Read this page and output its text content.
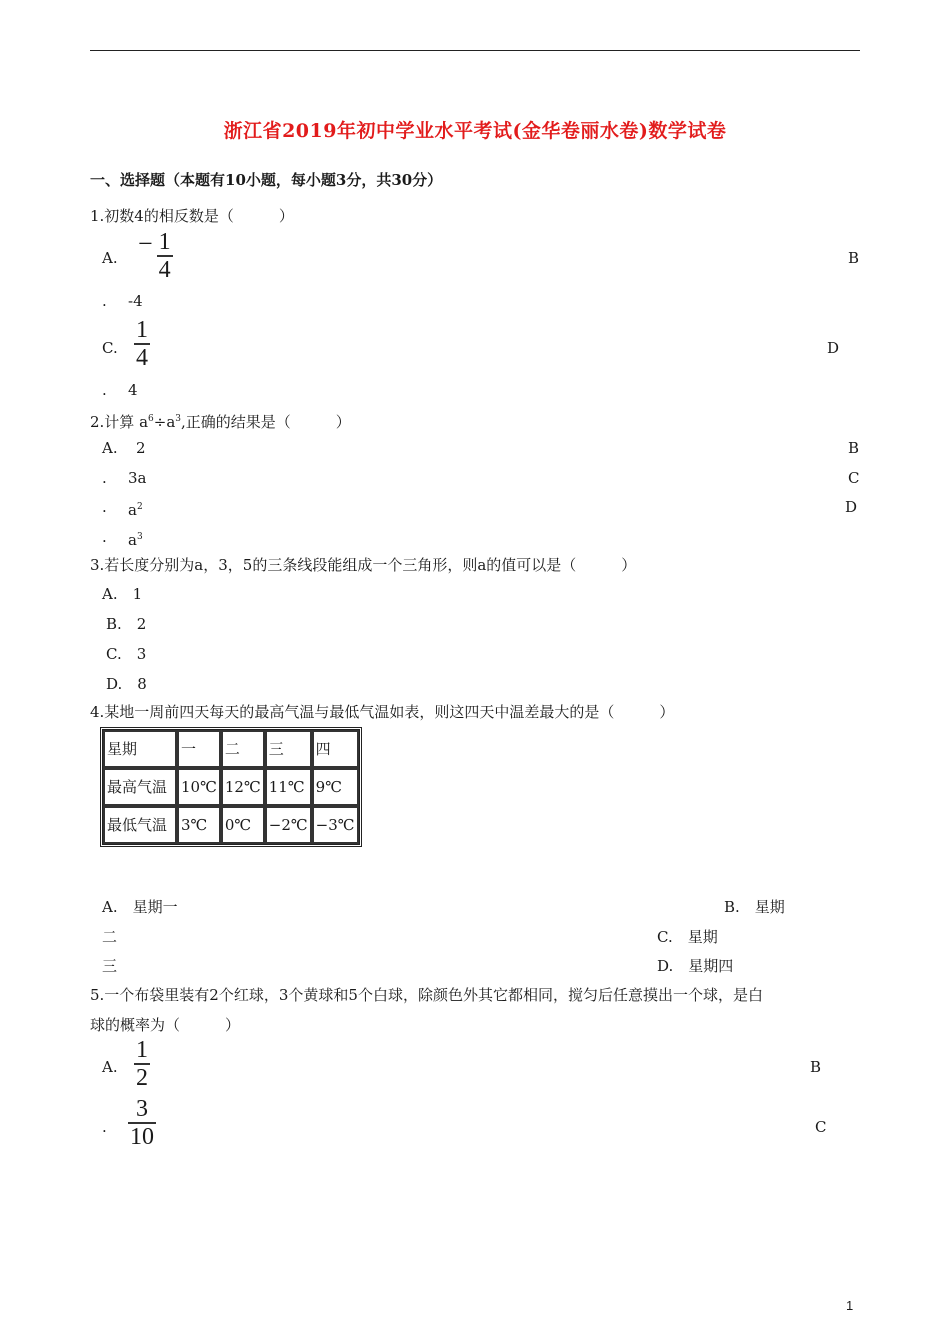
浙江省2019年初中学业水平考试(金华卷丽水卷)数学试卷
一、选择题（本题有10小题，每小题3分，共30分）
1.初数4的相反数是（　　　）
A. − $\frac{1}{4}$	B
. -4
C. $\frac{1}{4}$	D
. 4
2.计算 $a^6\div a^3$,正确的结果是（　　　）
A. 2	B
. 3a	C
. $a^2$	D
. $a^3$
3.若长度分别为a，3，5的三条线段能组成一个三角形，则a的值可以是（　　　）
A.　1
B.　2
C.　3
D.　8
4.某地一周前四天每天的最高气温与最低气温如表，则这四天中温差最大的是（　　　）
星期	一	二	三	四
最高气温	10℃	12℃	11℃	9℃
最低气温	3℃	0℃	−2℃	−3℃
A.　星期一	B.　星期
二	C.　星期
三	D.　星期四
5.一个布袋里装有2个红球，3个黄球和5个白球，除颜色外其它都相同，搅匀后任意摸出一个球，是白
球的概率为（　　　）
A. $\frac{1}{2}$	B
. $\frac{3}{10}$	C
1
